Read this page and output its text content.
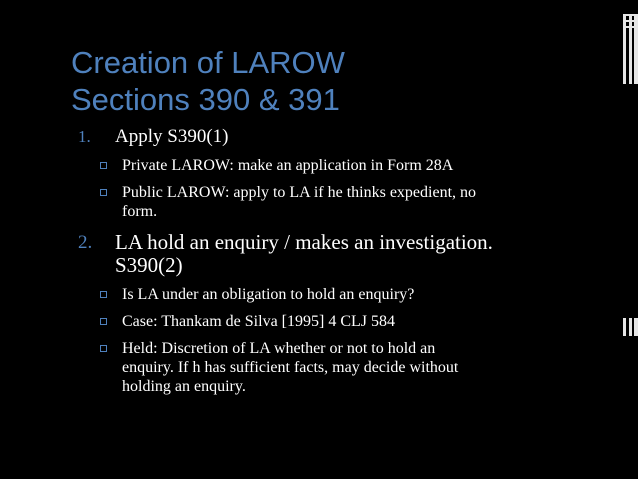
Creation of LAROW
Sections 390 & 391
1. Apply S390(1)
Private LAROW: make an application in Form 28A
Public LAROW: apply to LA if he thinks expedient, no
form.
2. LA hold an enquiry / makes an investigation.
S390(2)
Is LA under an obligation to hold an enquiry?
Case: Thankam de Silva [1995] 4 CLJ 584
Held: Discretion of LA whether or not to hold an
enquiry. If h has sufficient facts, may decide without
holding an enquiry.
